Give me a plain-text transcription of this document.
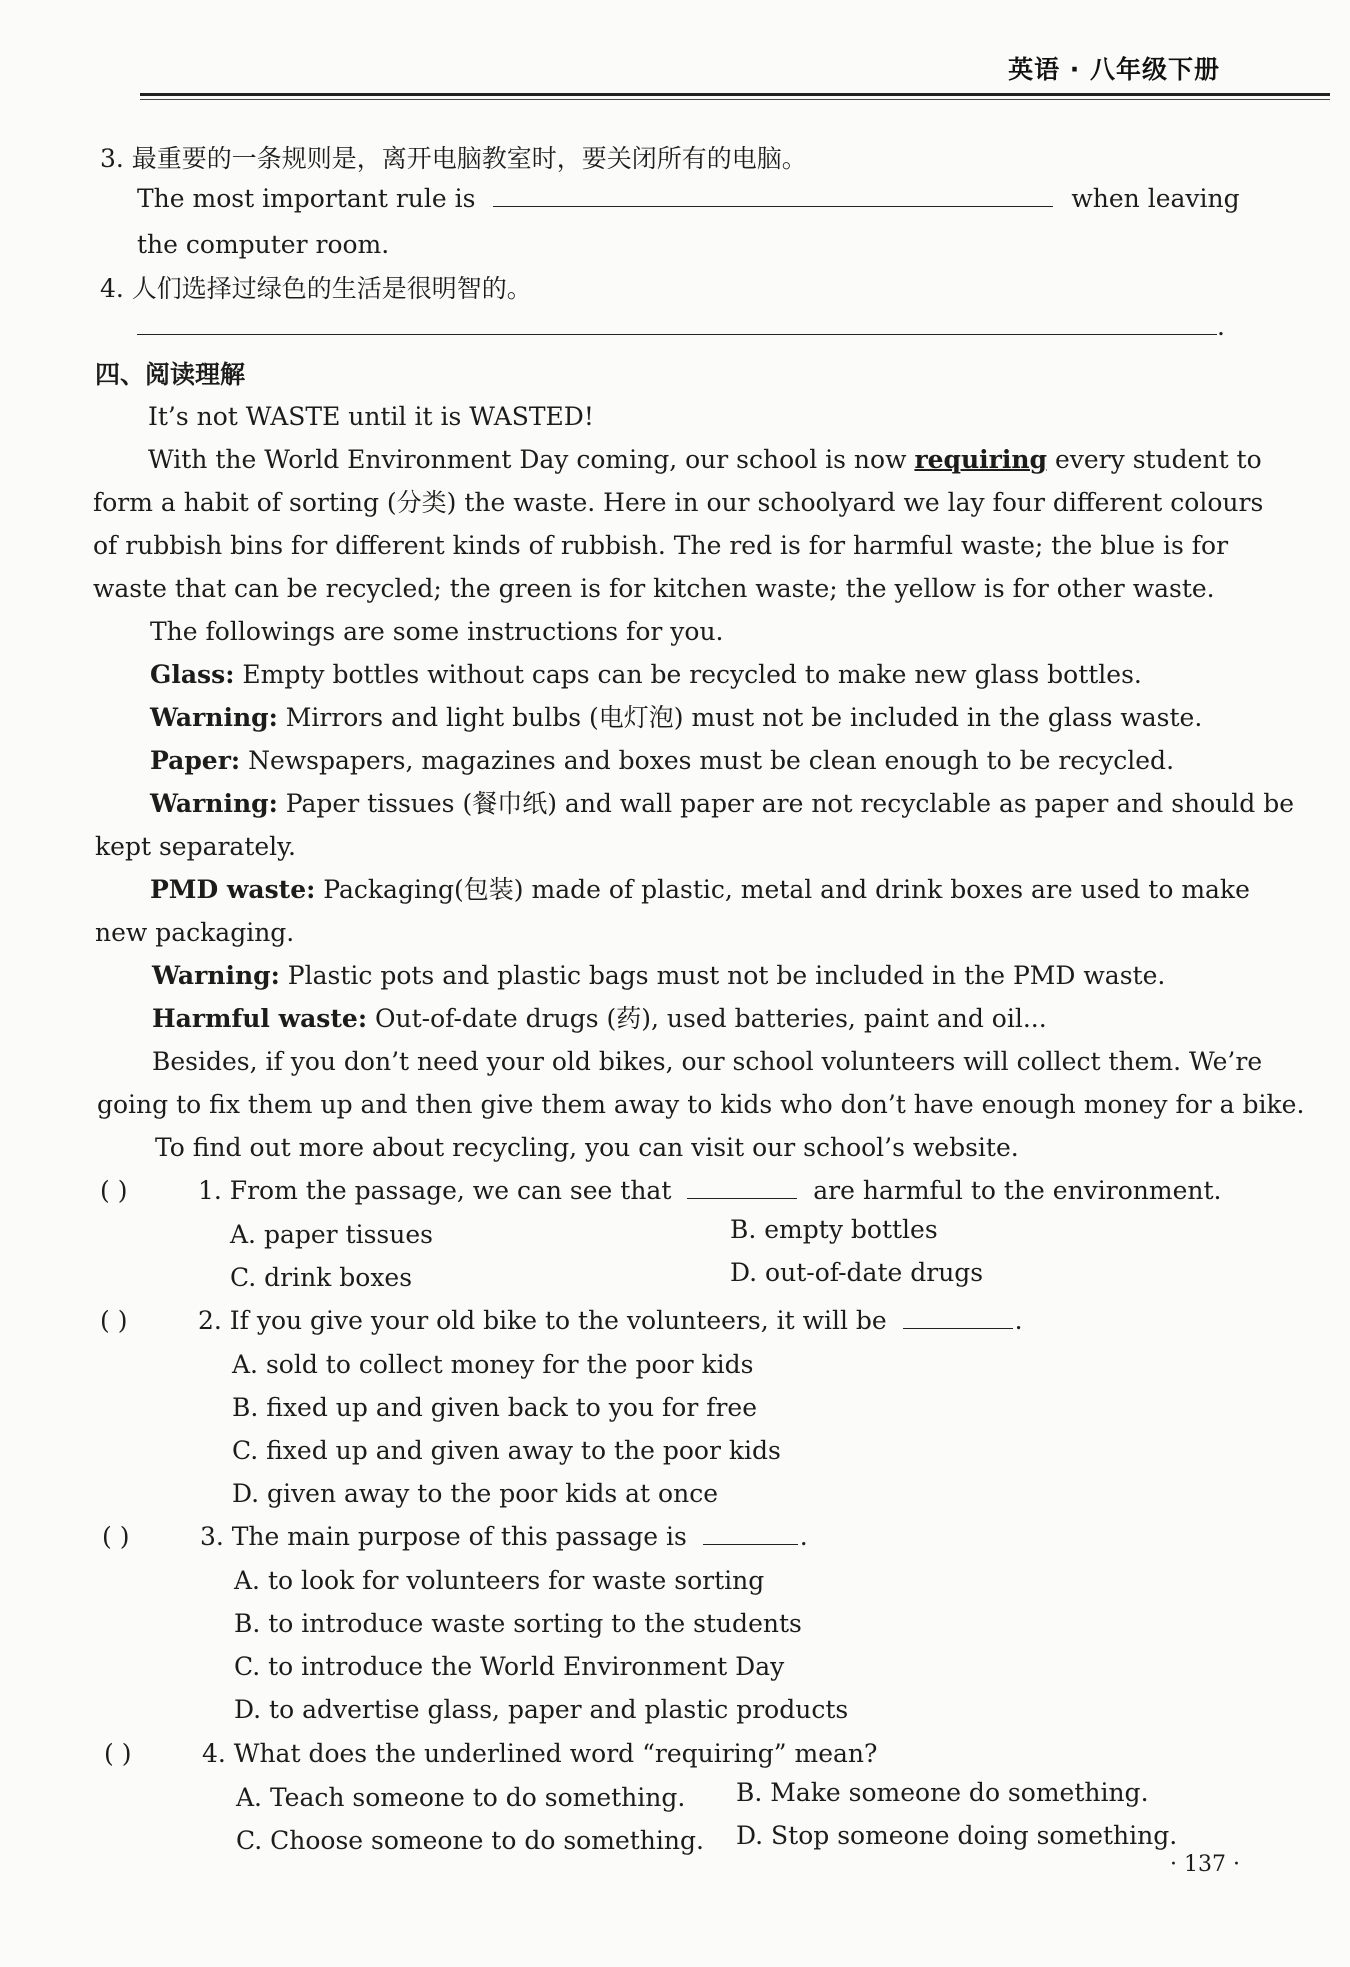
英语 · 八年级下册
3. 最重要的一条规则是，离开电脑教室时，要关闭所有的电脑。
The most important rule is	when leaving
the computer room.
4. 人们选择过绿色的生活是很明智的。
.
四、阅读理解
It’s not WASTE until it is WASTED!
With the World Environment Day coming, our school is now requiring every student to
form a habit of sorting (分类) the waste. Here in our schoolyard we lay four different colours
of rubbish bins for different kinds of rubbish. The red is for harmful waste; the blue is for
waste that can be recycled; the green is for kitchen waste; the yellow is for other waste.
The followings are some instructions for you.
Glass: Empty bottles without caps can be recycled to make new glass bottles.
Warning: Mirrors and light bulbs (电灯泡) must not be included in the glass waste.
Paper: Newspapers, magazines and boxes must be clean enough to be recycled.
Warning: Paper tissues (餐巾纸) and wall paper are not recyclable as paper and should be
kept separately.
PMD waste: Packaging(包装) made of plastic, metal and drink boxes are used to make
new packaging.
Warning: Plastic pots and plastic bags must not be included in the PMD waste.
Harmful waste: Out-of-date drugs (药), used batteries, paint and oil...
Besides, if you don’t need your old bikes, our school volunteers will collect them. We’re
going to fix them up and then give them away to kids who don’t have enough money for a bike.
To find out more about recycling, you can visit our school’s website.
( )	1. From the passage, we can see that	are harmful to the environment.
A. paper tissues	B. empty bottles
C. drink boxes	D. out-of-date drugs
( )	2. If you give your old bike to the volunteers, it will be	.
A. sold to collect money for the poor kids
B. fixed up and given back to you for free
C. fixed up and given away to the poor kids
D. given away to the poor kids at once
( )	3. The main purpose of this passage is	.
A. to look for volunteers for waste sorting
B. to introduce waste sorting to the students
C. to introduce the World Environment Day
D. to advertise glass, paper and plastic products
( )	4. What does the underlined word “requiring” mean?
A. Teach someone to do something. B. Make someone do something.
C. Choose someone to do something. D. Stop someone doing something.
· 137 ·
